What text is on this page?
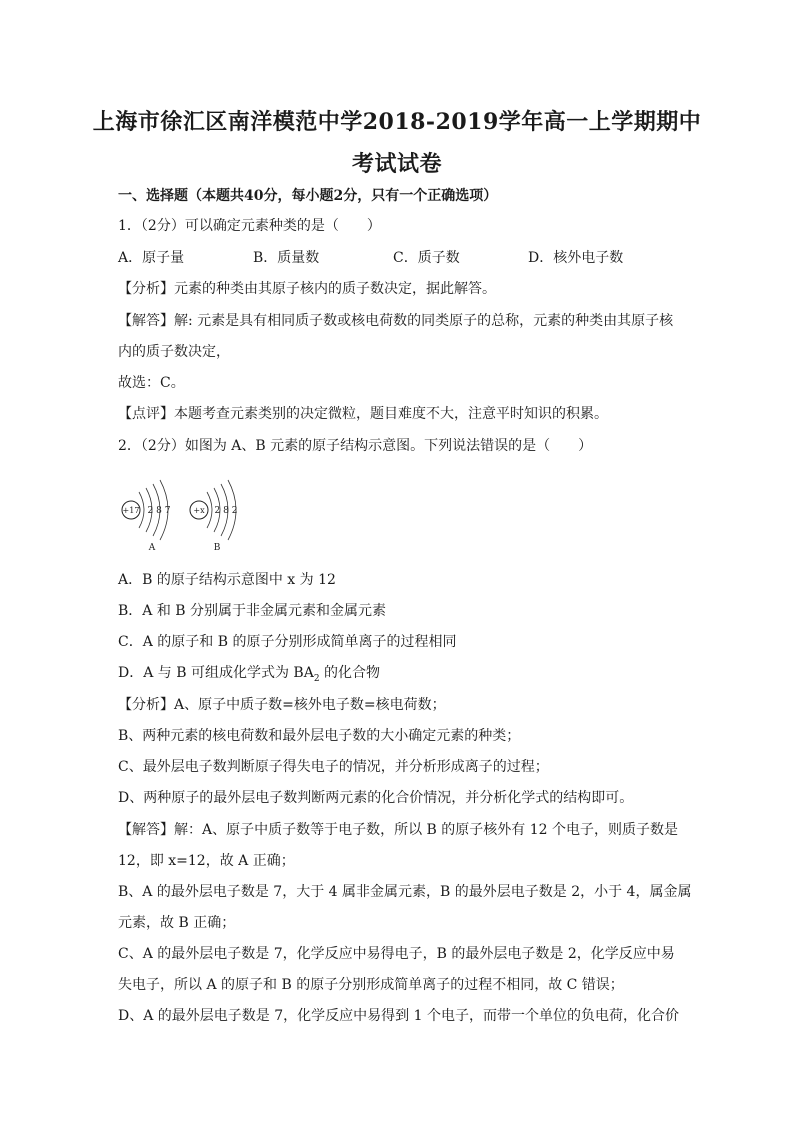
上海市徐汇区南洋模范中学2018-2019学年高一上学期期中
考试试卷
一、选择题（本题共40分，每小题2分，只有一个正确选项）
1．（2分）可以确定元素种类的是（　　）
A．原子量	B．质量数	C．质子数	D．核外电子数
【分析】元素的种类由其原子核内的质子数决定，据此解答。
【解答】解: 元素是具有相同质子数或核电荷数的同类原子的总称，元素的种类由其原子核
内的质子数决定，
故选：C。
【点评】本题考查元素类别的决定微粒，题目难度不大，注意平时知识的积累。
2．（2分）如图为 A、B 元素的原子结构示意图。下列说法错误的是（　　）
+17 2 8 7
A
+x 2 8 2
B
A．B 的原子结构示意图中 x 为 12
B．A 和 B 分别属于非金属元素和金属元素
C．A 的原子和 B 的原子分别形成简单离子的过程相同
D．A 与 B 可组成化学式为 $BA_2$ 的化合物
【分析】A、原子中质子数=核外电子数=核电荷数；
B、两种元素的核电荷数和最外层电子数的大小确定元素的种类；
C、最外层电子数判断原子得失电子的情况，并分析形成离子的过程；
D、两种原子的最外层电子数判断两元素的化合价情况，并分析化学式的结构即可。
【解答】解：A、原子中质子数等于电子数，所以 B 的原子核外有 12 个电子，则质子数是
12，即 x=12，故 A 正确；
B、A 的最外层电子数是 7，大于 4 属非金属元素，B 的最外层电子数是 2，小于 4，属金属
元素，故 B 正确；
C、A 的最外层电子数是 7，化学反应中易得电子，B 的最外层电子数是 2，化学反应中易
失电子，所以 A 的原子和 B 的原子分别形成简单离子的过程不相同，故 C 错误；
D、A 的最外层电子数是 7，化学反应中易得到 1 个电子，而带一个单位的负电荷，化合价
